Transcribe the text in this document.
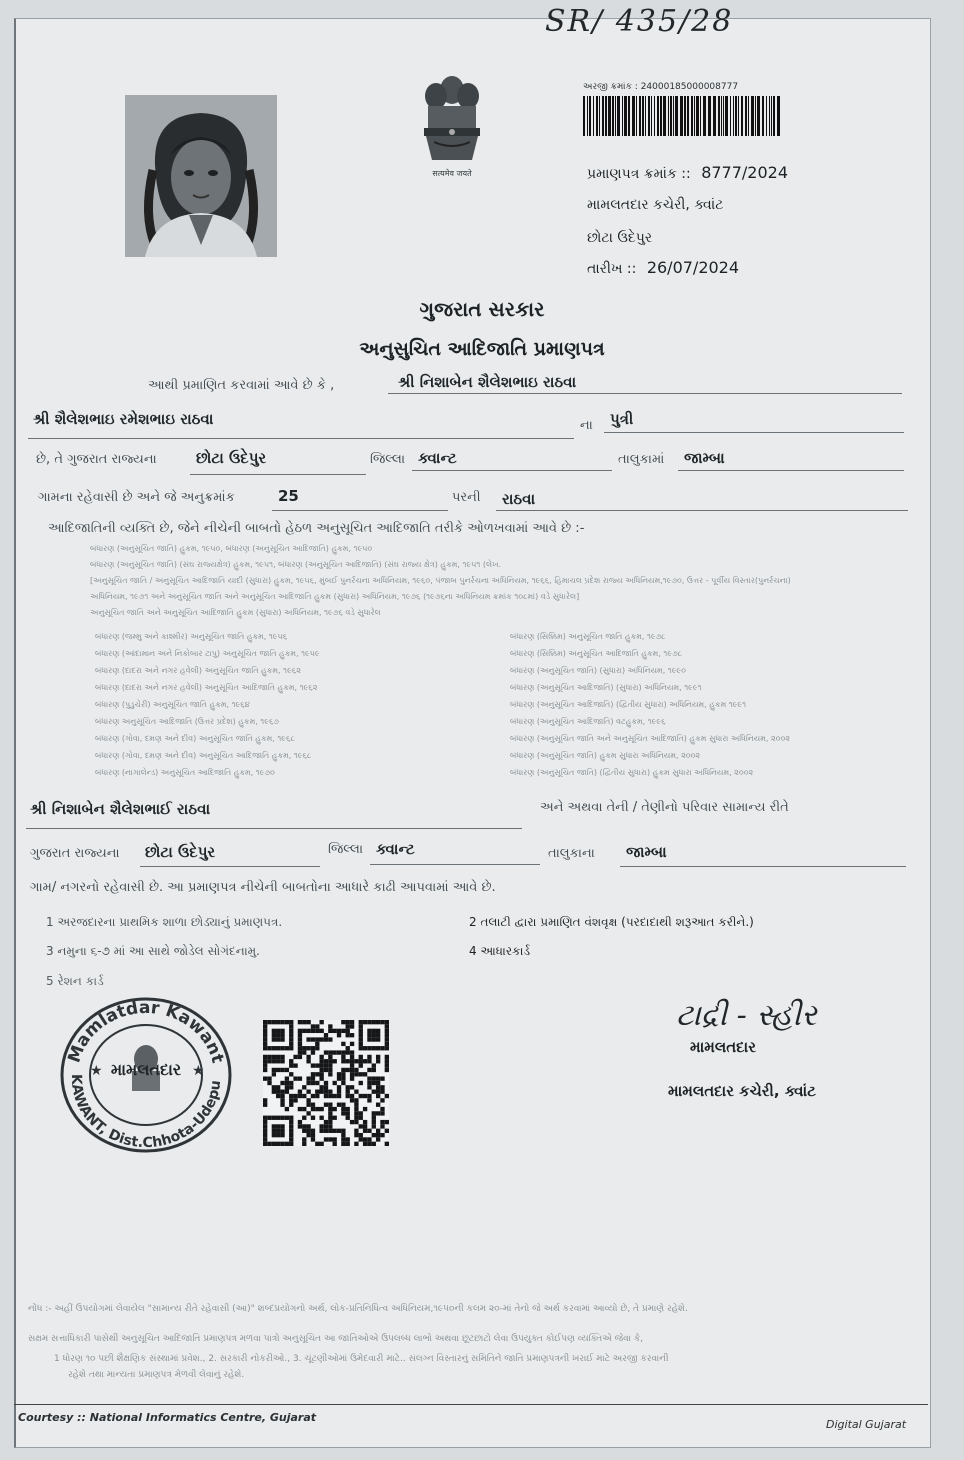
SR/ 435/28
सत्यमेव जयते
અરજી ક્રમાંક : 24000185000008777
પ્રમાણપત્ર ક્રમાંક :: 8777/2024
મામલતદાર કચેરી, ક્વાંટ
છોટા ઉદેપુર
તારીખ :: 26/07/2024
ગુજરાત સરકાર
અનુસુચિત આદિજાતિ પ્રમાણપત્ર
આથી પ્રમાણિત કરવામાં આવે છે કે ,	શ્રી નિશાબેન શૈલેશભાઇ રાઠવા
શ્રી શૈલેશભાઇ રમેશભાઇ રાઠવા	ના પુત્રી
છે, તે ગુજરાત રાજ્યના	છોટા ઉદેપુર	જિલ્લા ક્વાન્ટ	તાલુકામાં જામ્બા
ગામના રહેવાસી છે અને જે અનુક્રમાંક	25	પરની રાઠવા
આદિજાતિની વ્યક્તિ છે, જેને નીચેની બાબતો હેઠળ અનુસૂચિત આદિજાતિ તરીકે ઓળખવામાં આવે છે :-
બંધારણ (અનુસૂચિત જાતિ) હુકમ, ૧૯૫૦, બંધારણ (અનુસૂચિત આદિજાતિ) હુકમ, ૧૯૫૦
બંધારણ (અનુસૂચિત જાતિ) (સંઘ રાજ્યક્ષેત્ર) હુકમ, ૧૯૫૧, બંધારણ (અનુસૂચિત આદિજાતિ) (સંઘ રાજ્ય ક્ષેત્ર) હુકમ, ૧૯૫૧ (લેખ.
[અનુસૂચિત જાતિ / અનુસૂચિત આદિજાતિ યાદી (સુધારા) હુકમ, ૧૯૫૬, મુંબઈ પુનર્રચના અધિનિયમ, ૧૯૬૦, પંજાબ પુનર્રચના અધિનિયમ, ૧૯૬૬, હિમાચલ પ્રદેશ રાજ્ય અધિનિયમ,૧૯૭૦, ઉત્તર - પૂર્વીય વિસ્તાર(પુનર્રચના)
અધિનિયમ, ૧૯૭૧ અને અનુસૂચિત જાતિ અને અનુસૂચિત આદિજાતિ હુકમ (સુધારા) અધિનિયમ, ૧૯૭૬ (૧૯૭૬ના અધિનિયમ ક્રમાંક ૧૦૮માં) વડે સુધારેલ]
અનુસૂચિત જાતિ અને અનુસૂચિત આદિજાતિ હુકમ (સુધારા) અધિનિયમ, ૧૯૭૬ વડે સુધારેલ
બંધારણ (જમ્મુ અને કાશ્મીર) અનુસૂચિત જાતિ હુકમ, ૧૯૫૬
બંધારણ (આંદામાન અને નિકોબાર ટાપુ) અનુસૂચિત જાતિ હુકમ, ૧૯૫૯
બંધારણ (દાદરા અને નગર હવેલી) અનુસૂચિત જાતિ હુકમ, ૧૯૬૨
બંધારણ (દાદરા અને નગર હવેલી) અનુસૂચિત આદિજાતિ હુકમ, ૧૯૬૨
બંધારણ (પુડુચેરી) અનુસૂચિત જાતિ હુકમ, ૧૯૬૪
બંધારણ અનુસૂચિત આદિજાતિ (ઉત્તર પ્રદેશ) હુકમ, ૧૯૬૭
બંધારણ (ગોવા, દમણ અને દીવ) અનુસૂચિત જાતિ હુકમ, ૧૯૬૮
બંધારણ (ગોવા, દમણ અને દીવ) અનુસૂચિત આદિજાતિ હુકમ, ૧૯૬૮
બંધારણ (નાગાલેન્ડ) અનુસૂચિત આદિજાતિ હુકમ, ૧૯૭૦
બંધારણ (સિક્કિમ) અનુસૂચિત જાતિ હુકમ, ૧૯૭૮
બંધારણ (સિક્કિમ) અનુસૂચિત આદિજાતિ હુકમ, ૧૯૭૮
બંધારણ (અનુસૂચિત જાતિ) (સુધારા) અધિનિયમ, ૧૯૯૦
બંધારણ (અનુસૂચિત આદિજાતિ) (સુધારા) અધિનિયમ, ૧૯૯૧
બંધારણ (અનુસૂચિત આદિજાતિ) (દ્વિતીય સુધારા) અધિનિયમ, હુકમ ૧૯૯૧
બંધારણ (અનુસૂચિત આદિજાતિ) વટહુકમ, ૧૯૯૬
બંધારણ (અનુસૂચિત જાતિ અને અનુસૂચિત આદિજાતિ) હુકમ સુધારા અધિનિયમ, ૨૦૦૨
બંધારણ (અનુસૂચિત જાતિ) હુકમ સુધારા અધિનિયમ, ૨૦૦૨
બંધારણ (અનુસૂચિત જાતિ) (દ્વિતીય સુધારા) હુકમ સુધારા અધિનિયમ, ૨૦૦૨
શ્રી નિશાબેન શૈલેશભાઈ રાઠવા	અને અથવા તેની / તેણીનો પરિવાર સામાન્ય રીતે
ગુજરાત રાજ્યના છોટા ઉદેપુર	જિલ્લા ક્વાન્ટ	તાલુકાના જામ્બા
ગામ/ નગરનો રહેવાસી છે. આ પ્રમાણપત્ર નીચેની બાબતોના આધારે કાઢી આપવામાં આવે છે.
1 અરજદારના પ્રાથમિક શાળા છોડ્યાનું પ્રમાણપત્ર.	2 તલાટી દ્વારા પ્રમાણિત વંશવૃક્ષ (પરદાદાથી શરૂઆત કરીને.)
3 નમુના ૬-૭ માં આ સાથે જોડેલ સોગંદનામુ.	4 આધારકાર્ડ
5 રેશન કાર્ડ
Mamlatdar Kawant
KAWANT, Dist.Chhota-Udepu
મામલતદાર
★	★
ટાદ્રી - સ્હીર
મામલતદાર
મામલતદાર કચેરી, ક્વાંટ
નોંધ :- અહીં ઉપયોગમાં લેવાયેલ "સામાન્ય રીતે રહેવાસી (આ)" શબ્દપ્રયોગનો અર્થ, લોક-પ્રતિનિધિત્વ અધિનિયમ,૧૯૫૦ની કલમ ૨૦-માં તેનો જે અર્થ કરવામાં આવ્યો છે, તે પ્રમાણે રહેશે.
સક્ષમ સત્તાધિકારી પાસેથી અનુસૂચિત આદિજાતિ પ્રમાણપત્ર મળવા પાત્રો અનુસૂચિત આ જાતિઓએ ઉપલબ્ધ લાભો અથવા છૂટછાટો લેવા ઉપયુક્ત કોઈપણ વ્યક્તિએ જેવા કે,
1 ધોરણ ૧૦ પછી શૈક્ષણિક સંસ્થામાં પ્રવેશ., 2. સરકારી નોકરીઓ., 3. ચૂંટણીઓમાં ઉમેદવારી માટે.. સંલગ્ન વિસ્તારનું સમિતિને જાતિ પ્રમાણપત્રની ખરાઈ માટે અરજી કરવાની
રહેશે તથા માન્યતા પ્રમાણપત્ર મેળવી લેવાનું રહેશે.
Courtesy :: National Informatics Centre, Gujarat
Digital Gujarat
